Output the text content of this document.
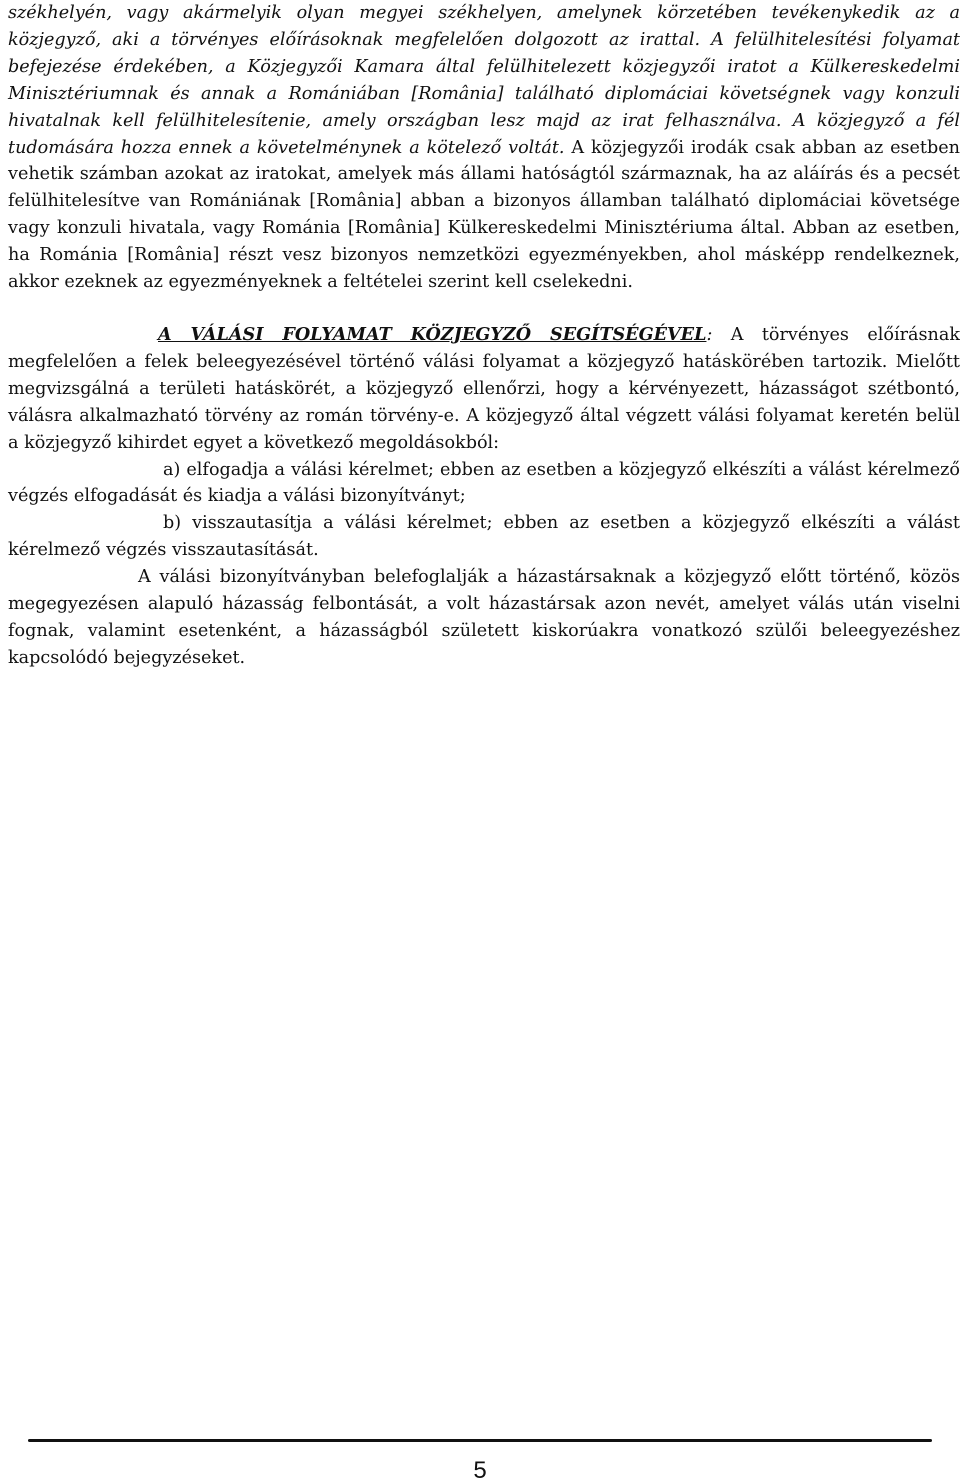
székhelyén, vagy akármelyik olyan megyei székhelyen, amelynek körzetében tevékenykedik az a közjegyző, aki a törvényes előírásoknak megfelelően dolgozott az irattal. A felülhitelesítési folyamat befejezése érdekében, a Közjegyzői Kamara által felülhitelezett közjegyzői iratot a Külkereskedelmi Minisztériumnak és annak a Romániában [România] található diplomáciai követségnek vagy konzuli hivatalnak kell felülhitelesítenie, amely országban lesz majd az irat felhasználva. A közjegyző a fél tudomására hozza ennek a követelménynek a kötelező voltát. A közjegyzői irodák csak abban az esetben vehetik számban azokat az iratokat, amelyek más állami hatóságtól származnak, ha az aláírás és a pecsét felülhitelesítve van Romániának [România] abban a bizonyos államban található diplomáciai követsége vagy konzuli hivatala, vagy Románia [România] Külkereskedelmi Minisztériuma által. Abban az esetben, ha Románia [România] részt vesz bizonyos nemzetközi egyezményekben, ahol másképp rendelkeznek, akkor ezeknek az egyezményeknek a feltételei szerint kell cselekedni.

A VÁLÁSI FOLYAMAT KÖZJEGYZŐ SEGÍTSÉGÉVEL: A törvényes előírásnak megfelelően a felek beleegyezésével történő válási folyamat a közjegyző hatáskörében tartozik. Mielőtt megvizsgálná a területi hatáskörét, a közjegyző ellenőrzi, hogy a kérvényezett, házasságot szétbontó, válásra alkalmazható törvény az román törvény-e. A közjegyző által végzett válási folyamat keretén belül a közjegyző kihirdet egyet a következő megoldásokból:

a) elfogadja a válási kérelmet; ebben az esetben a közjegyző elkészíti a válást kérelmező végzés elfogadását és kiadja a válási bizonyítványt;

b) visszautasítja a válási kérelmet; ebben az esetben a közjegyző elkészíti a válást kérelmező végzés visszautasítását.

A válási bizonyítványban belefoglalják a házastársaknak a közjegyző előtt történő, közös megegyezésen alapuló házasság felbontását, a volt házastársak azon nevét, amelyet válás után viselni fognak, valamint esetenként, a házasságból született kiskorúakra vonatkozó szülői beleegyezéshez kapcsolódó bejegyzéseket.

5
